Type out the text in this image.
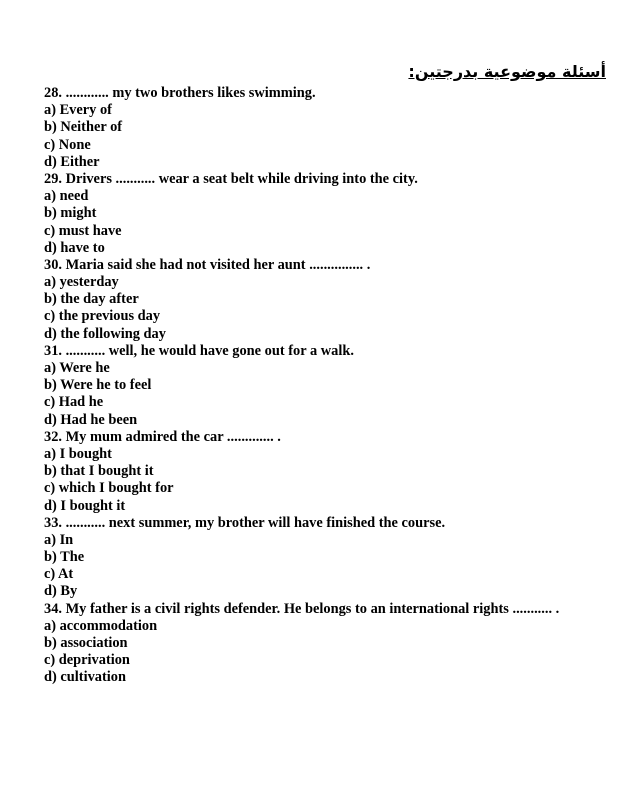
أسئلة موضوعية بدرجتين:
28. ............ my two brothers likes swimming.
a) Every of
b) Neither of
c) None
d) Either
29. Drivers ........... wear a seat belt while driving into the city.
a) need
b) might
c) must have
d) have to
30. Maria said she had not visited her aunt ............... .
a) yesterday
b) the day after
c) the previous day
d) the following day
31. ........... well, he would have gone out for a walk.
a) Were he
b) Were he to feel
c) Had he
d) Had he been
32. My mum admired the car ............. .
a) I bought
b) that I bought it
c) which I bought for
d) I bought it
33. ........... next summer, my brother will have finished the course.
a) In
b) The
c) At
d) By
34. My father is a civil rights defender. He belongs to an international rights ........... .
a) accommodation
b) association
c) deprivation
d) cultivation
